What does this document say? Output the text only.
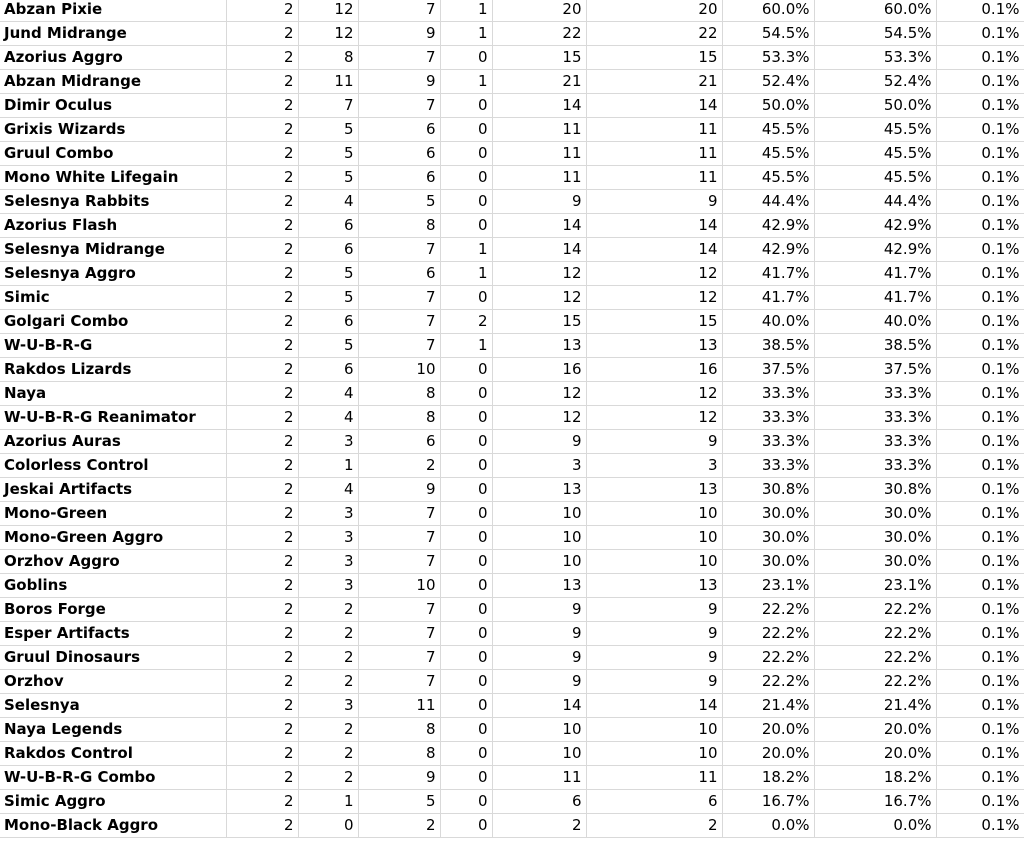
Abzan Pixie	2	12	7	1	20	20	60.0%	60.0%	0.1%
Jund Midrange	2	12	9	1	22	22	54.5%	54.5%	0.1%
Azorius Aggro	2	8	7	0	15	15	53.3%	53.3%	0.1%
Abzan Midrange	2	11	9	1	21	21	52.4%	52.4%	0.1%
Dimir Oculus	2	7	7	0	14	14	50.0%	50.0%	0.1%
Grixis Wizards	2	5	6	0	11	11	45.5%	45.5%	0.1%
Gruul Combo	2	5	6	0	11	11	45.5%	45.5%	0.1%
Mono White Lifegain	2	5	6	0	11	11	45.5%	45.5%	0.1%
Selesnya Rabbits	2	4	5	0	9	9	44.4%	44.4%	0.1%
Azorius Flash	2	6	8	0	14	14	42.9%	42.9%	0.1%
Selesnya Midrange	2	6	7	1	14	14	42.9%	42.9%	0.1%
Selesnya Aggro	2	5	6	1	12	12	41.7%	41.7%	0.1%
Simic	2	5	7	0	12	12	41.7%	41.7%	0.1%
Golgari Combo	2	6	7	2	15	15	40.0%	40.0%	0.1%
W-U-B-R-G	2	5	7	1	13	13	38.5%	38.5%	0.1%
Rakdos Lizards	2	6	10	0	16	16	37.5%	37.5%	0.1%
Naya	2	4	8	0	12	12	33.3%	33.3%	0.1%
W-U-B-R-G Reanimator	2	4	8	0	12	12	33.3%	33.3%	0.1%
Azorius Auras	2	3	6	0	9	9	33.3%	33.3%	0.1%
Colorless Control	2	1	2	0	3	3	33.3%	33.3%	0.1%
Jeskai Artifacts	2	4	9	0	13	13	30.8%	30.8%	0.1%
Mono-Green	2	3	7	0	10	10	30.0%	30.0%	0.1%
Mono-Green Aggro	2	3	7	0	10	10	30.0%	30.0%	0.1%
Orzhov Aggro	2	3	7	0	10	10	30.0%	30.0%	0.1%
Goblins	2	3	10	0	13	13	23.1%	23.1%	0.1%
Boros Forge	2	2	7	0	9	9	22.2%	22.2%	0.1%
Esper Artifacts	2	2	7	0	9	9	22.2%	22.2%	0.1%
Gruul Dinosaurs	2	2	7	0	9	9	22.2%	22.2%	0.1%
Orzhov	2	2	7	0	9	9	22.2%	22.2%	0.1%
Selesnya	2	3	11	0	14	14	21.4%	21.4%	0.1%
Naya Legends	2	2	8	0	10	10	20.0%	20.0%	0.1%
Rakdos Control	2	2	8	0	10	10	20.0%	20.0%	0.1%
W-U-B-R-G Combo	2	2	9	0	11	11	18.2%	18.2%	0.1%
Simic Aggro	2	1	5	0	6	6	16.7%	16.7%	0.1%
Mono-Black Aggro	2	0	2	0	2	2	0.0%	0.0%	0.1%
